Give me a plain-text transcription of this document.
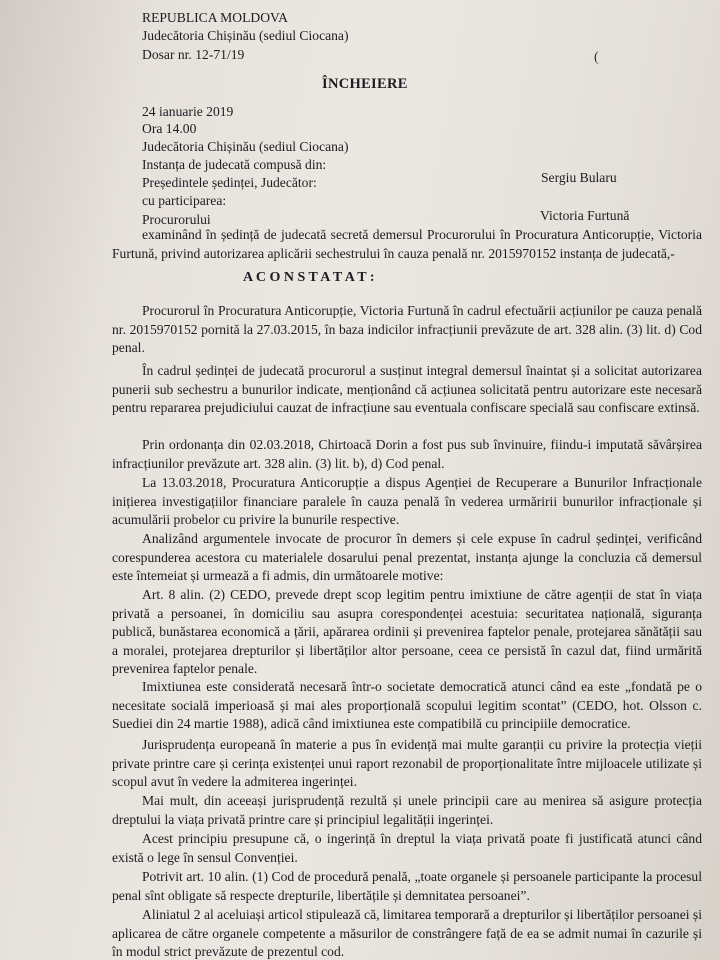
REPUBLICA MOLDOVA
Judecătoria Chișinău (sediul Ciocana)
Dosar nr. 12-71/19	(
ÎNCHEIERE
24 ianuarie 2019
Ora 14.00
Judecătoria Chișinău (sediul Ciocana)
Instanța de judecată compusă din:
Președintele ședinței, Judecător:	Sergiu Bularu
cu participarea:
Procurorului	Victoria Furtună
examinând în ședință de judecată secretă demersul Procurorului în Procuratura Anticorupție, Victoria Furtună, privind autorizarea aplicării sechestrului în cauza penală nr. 2015970152 instanța de judecată,-
A C O N S T A T A T :
Procurorul în Procuratura Anticorupție, Victoria Furtună în cadrul efectuării acțiunilor pe cauza penală nr. 2015970152 pornită la 27.03.2015, în baza indicilor infracțiunii prevăzute de art. 328 alin. (3) lit. d) Cod penal.
În cadrul ședinței de judecată procurorul a susținut integral demersul înaintat și a solicitat autorizarea punerii sub sechestru a bunurilor indicate, menționând că acțiunea solicitată pentru autorizare este necesară pentru repararea prejudiciului cauzat de infracțiune sau eventuala confiscare specială sau confiscare extinsă.
Prin ordonanța din 02.03.2018, Chirtoacă Dorin a fost pus sub învinuire, fiindu-i imputată săvârșirea infracțiunilor prevăzute art. 328 alin. (3) lit. b), d) Cod penal.
La 13.03.2018, Procuratura Anticorupție a dispus Agenției de Recuperare a Bunurilor Infracționale inițierea investigațiilor financiare paralele în cauza penală în vederea urmăririi bunurilor infracționale și acumulării probelor cu privire la bunurile respective.
Analizând argumentele invocate de procuror în demers și cele expuse în cadrul ședinței, verificând corespunderea acestora cu materialele dosarului penal prezentat, instanța ajunge la concluzia că demersul este întemeiat și urmează a fi admis, din următoarele motive:
Art. 8 alin. (2) CEDO, prevede drept scop legitim pentru imixtiune de către agenții de stat în viața privată a persoanei, în domiciliu sau asupra corespondenței acestuia: securitatea națională, siguranța publică, bunăstarea economică a țării, apărarea ordinii și prevenirea faptelor penale, protejarea sănătății sau a moralei, protejarea drepturilor și libertăților altor persoane, ceea ce persistă în cazul dat, fiind urmărită prevenirea faptelor penale.
Imixtiunea este considerată necesară într-o societate democratică atunci când ea este „fondată pe o necesitate socială imperioasă și mai ales proporțională scopului legitim scontat” (CEDO, hot. Olsson c. Suediei din 24 martie 1988), adică când imixtiunea este compatibilă cu principiile democratice.
Jurisprudența europeană în materie a pus în evidență mai multe garanții cu privire la protecția vieții private printre care și cerința existenței unui raport rezonabil de proporționalitate între mijloacele utilizate și scopul avut în vedere la admiterea ingerinței.
Mai mult, din aceeași jurisprudență rezultă și unele principii care au menirea să asigure protecția dreptului la viața privată printre care și principiul legalității ingerinței.
Acest principiu presupune că, o ingerință în dreptul la viața privată poate fi justificată atunci când există o lege în sensul Convenției.
Potrivit art. 10 alin. (1) Cod de procedură penală, „toate organele și persoanele participante la procesul penal sînt obligate să respecte drepturile, libertățile și demnitatea persoanei”.
Aliniatul 2 al aceluiași articol stipulează că, limitarea temporară a drepturilor și libertăților persoanei și aplicarea de către organele competente a măsurilor de constrângere față de ea se admit numai în cazurile și în modul strict prevăzute de prezentul cod.
